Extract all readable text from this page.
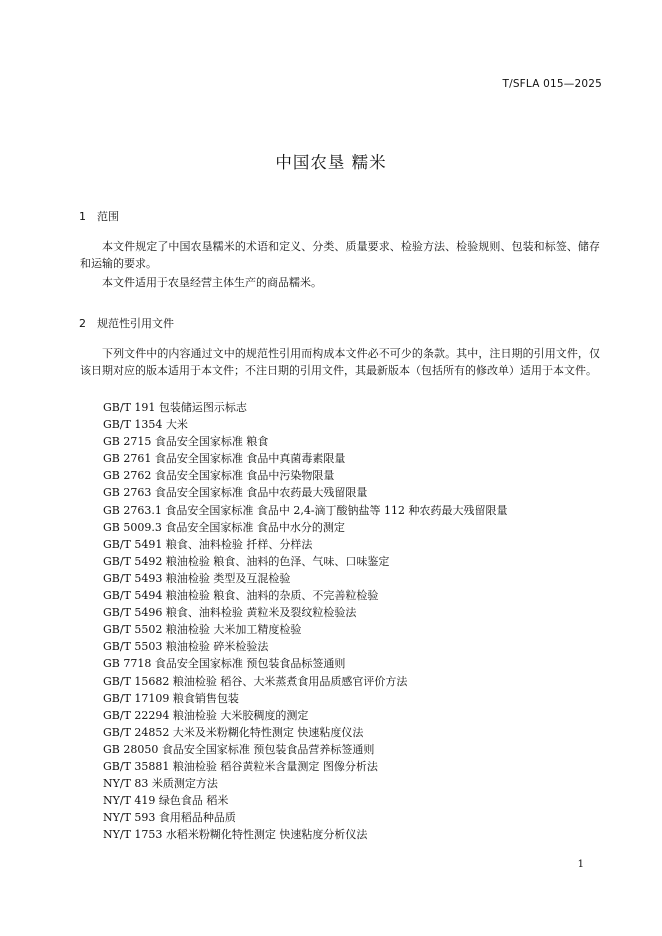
T/SFLA 015—2025
中国农垦 糯米
1 范围
本文件规定了中国农垦糯米的术语和定义、分类、质量要求、检验方法、检验规则、包装和标签、储存和运输的要求。
本文件适用于农垦经营主体生产的商品糯米。
2 规范性引用文件
下列文件中的内容通过文中的规范性引用而构成本文件必不可少的条款。其中，注日期的引用文件，仅该日期对应的版本适用于本文件；不注日期的引用文件，其最新版本（包括所有的修改单）适用于本文件。
GB/T 191 包装储运图示标志
GB/T 1354 大米
GB 2715 食品安全国家标准 粮食
GB 2761 食品安全国家标准 食品中真菌毒素限量
GB 2762 食品安全国家标准 食品中污染物限量
GB 2763 食品安全国家标准 食品中农药最大残留限量
GB 2763.1 食品安全国家标准 食品中 2,4-滴丁酸钠盐等 112 种农药最大残留限量
GB 5009.3 食品安全国家标准 食品中水分的测定
GB/T 5491 粮食、油料检验 扦样、分样法
GB/T 5492 粮油检验 粮食、油料的色泽、气味、口味鉴定
GB/T 5493 粮油检验 类型及互混检验
GB/T 5494 粮油检验 粮食、油料的杂质、不完善粒检验
GB/T 5496 粮食、油料检验 黄粒米及裂纹粒检验法
GB/T 5502 粮油检验 大米加工精度检验
GB/T 5503 粮油检验 碎米检验法
GB 7718 食品安全国家标准 预包装食品标签通则
GB/T 15682 粮油检验 稻谷、大米蒸煮食用品质感官评价方法
GB/T 17109 粮食销售包装
GB/T 22294 粮油检验 大米胶稠度的测定
GB/T 24852 大米及米粉糊化特性测定 快速粘度仪法
GB 28050 食品安全国家标准 预包装食品营养标签通则
GB/T 35881 粮油检验 稻谷黄粒米含量测定 图像分析法
NY/T 83 米质测定方法
NY/T 419 绿色食品 稻米
NY/T 593 食用稻品种品质
NY/T 1753 水稻米粉糊化特性测定 快速粘度分析仪法
1
